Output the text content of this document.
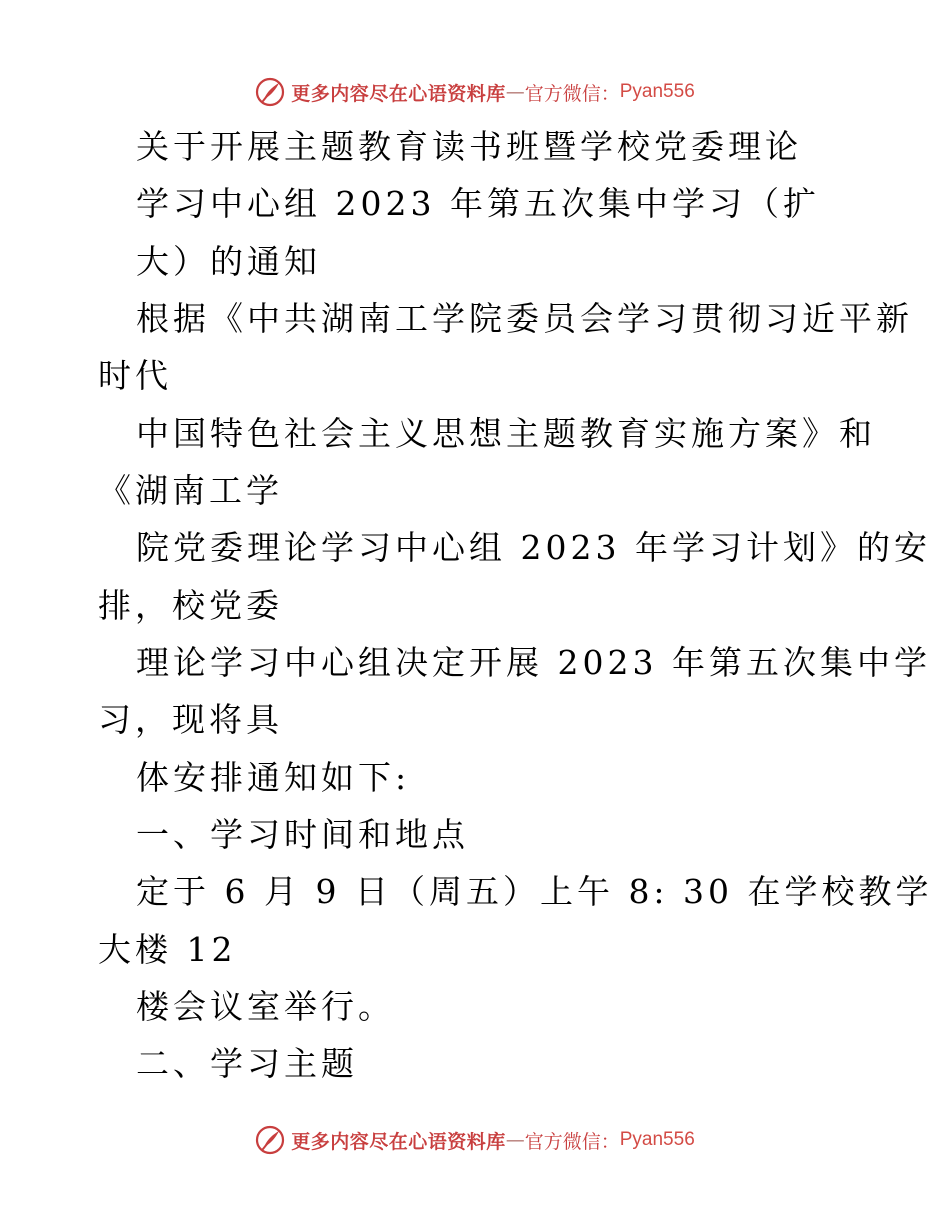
更多内容尽在心语资料库 — 官方微信： Pyan556
关于开展主题教育读书班暨学校党委理论
学习中心组 2023 年第五次集中学习（扩
大）的通知
根据《中共湖南工学院委员会学习贯彻习近平新
时代
中国特色社会主义思想主题教育实施方案》和
《湖南工学
院党委理论学习中心组 2023 年学习计划》的安
排，校党委
理论学习中心组决定开展 2023 年第五次集中学
习，现将具
体安排通知如下:
一、学习时间和地点
定于 6 月 9 日（周五）上午 8: 30 在学校教学
大楼 12
楼会议室举行。
二、学习主题
更多内容尽在心语资料库 — 官方微信： Pyan556
